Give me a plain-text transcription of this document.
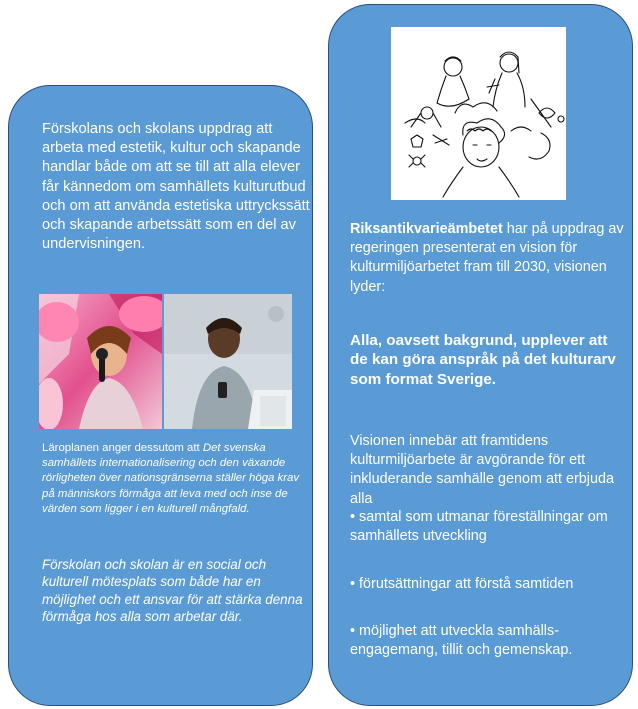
Förskolans och skolans uppdrag att arbeta med estetik, kultur och skapande handlar både om att se till att alla elever får kännedom om samhällets kulturutbud och om att använda estetiska uttryckssätt och skapande arbetssätt som en del av undervisningen.

Läroplanen anger dessutom att Det svenska samhällets internationalisering och den växande rörligheten över nationsgränserna ställer höga krav på människors förmåga att leva med och inse de värden som ligger i en kulturell mångfald.

Förskolan och skolan är en social och kulturell mötesplats som både har en möjlighet och ett ansvar för att stärka denna förmåga hos alla som arbetar där.

Riksantikvarieämbetet har på uppdrag av regeringen presenterat en vision för kulturmiljöarbetet fram till 2030, visionen lyder:

Alla, oavsett bakgrund, upplever att de kan göra anspråk på det kulturarv som format Sverige.

Visionen innebär att framtidens kulturmiljöarbete är avgörande för ett inkluderande samhälle genom att erbjuda alla

• samtal som utmanar föreställningar om samhällets utveckling

• förutsättningar att förstå samtiden

• möjlighet att utveckla samhälls-engagemang, tillit och gemenskap.
